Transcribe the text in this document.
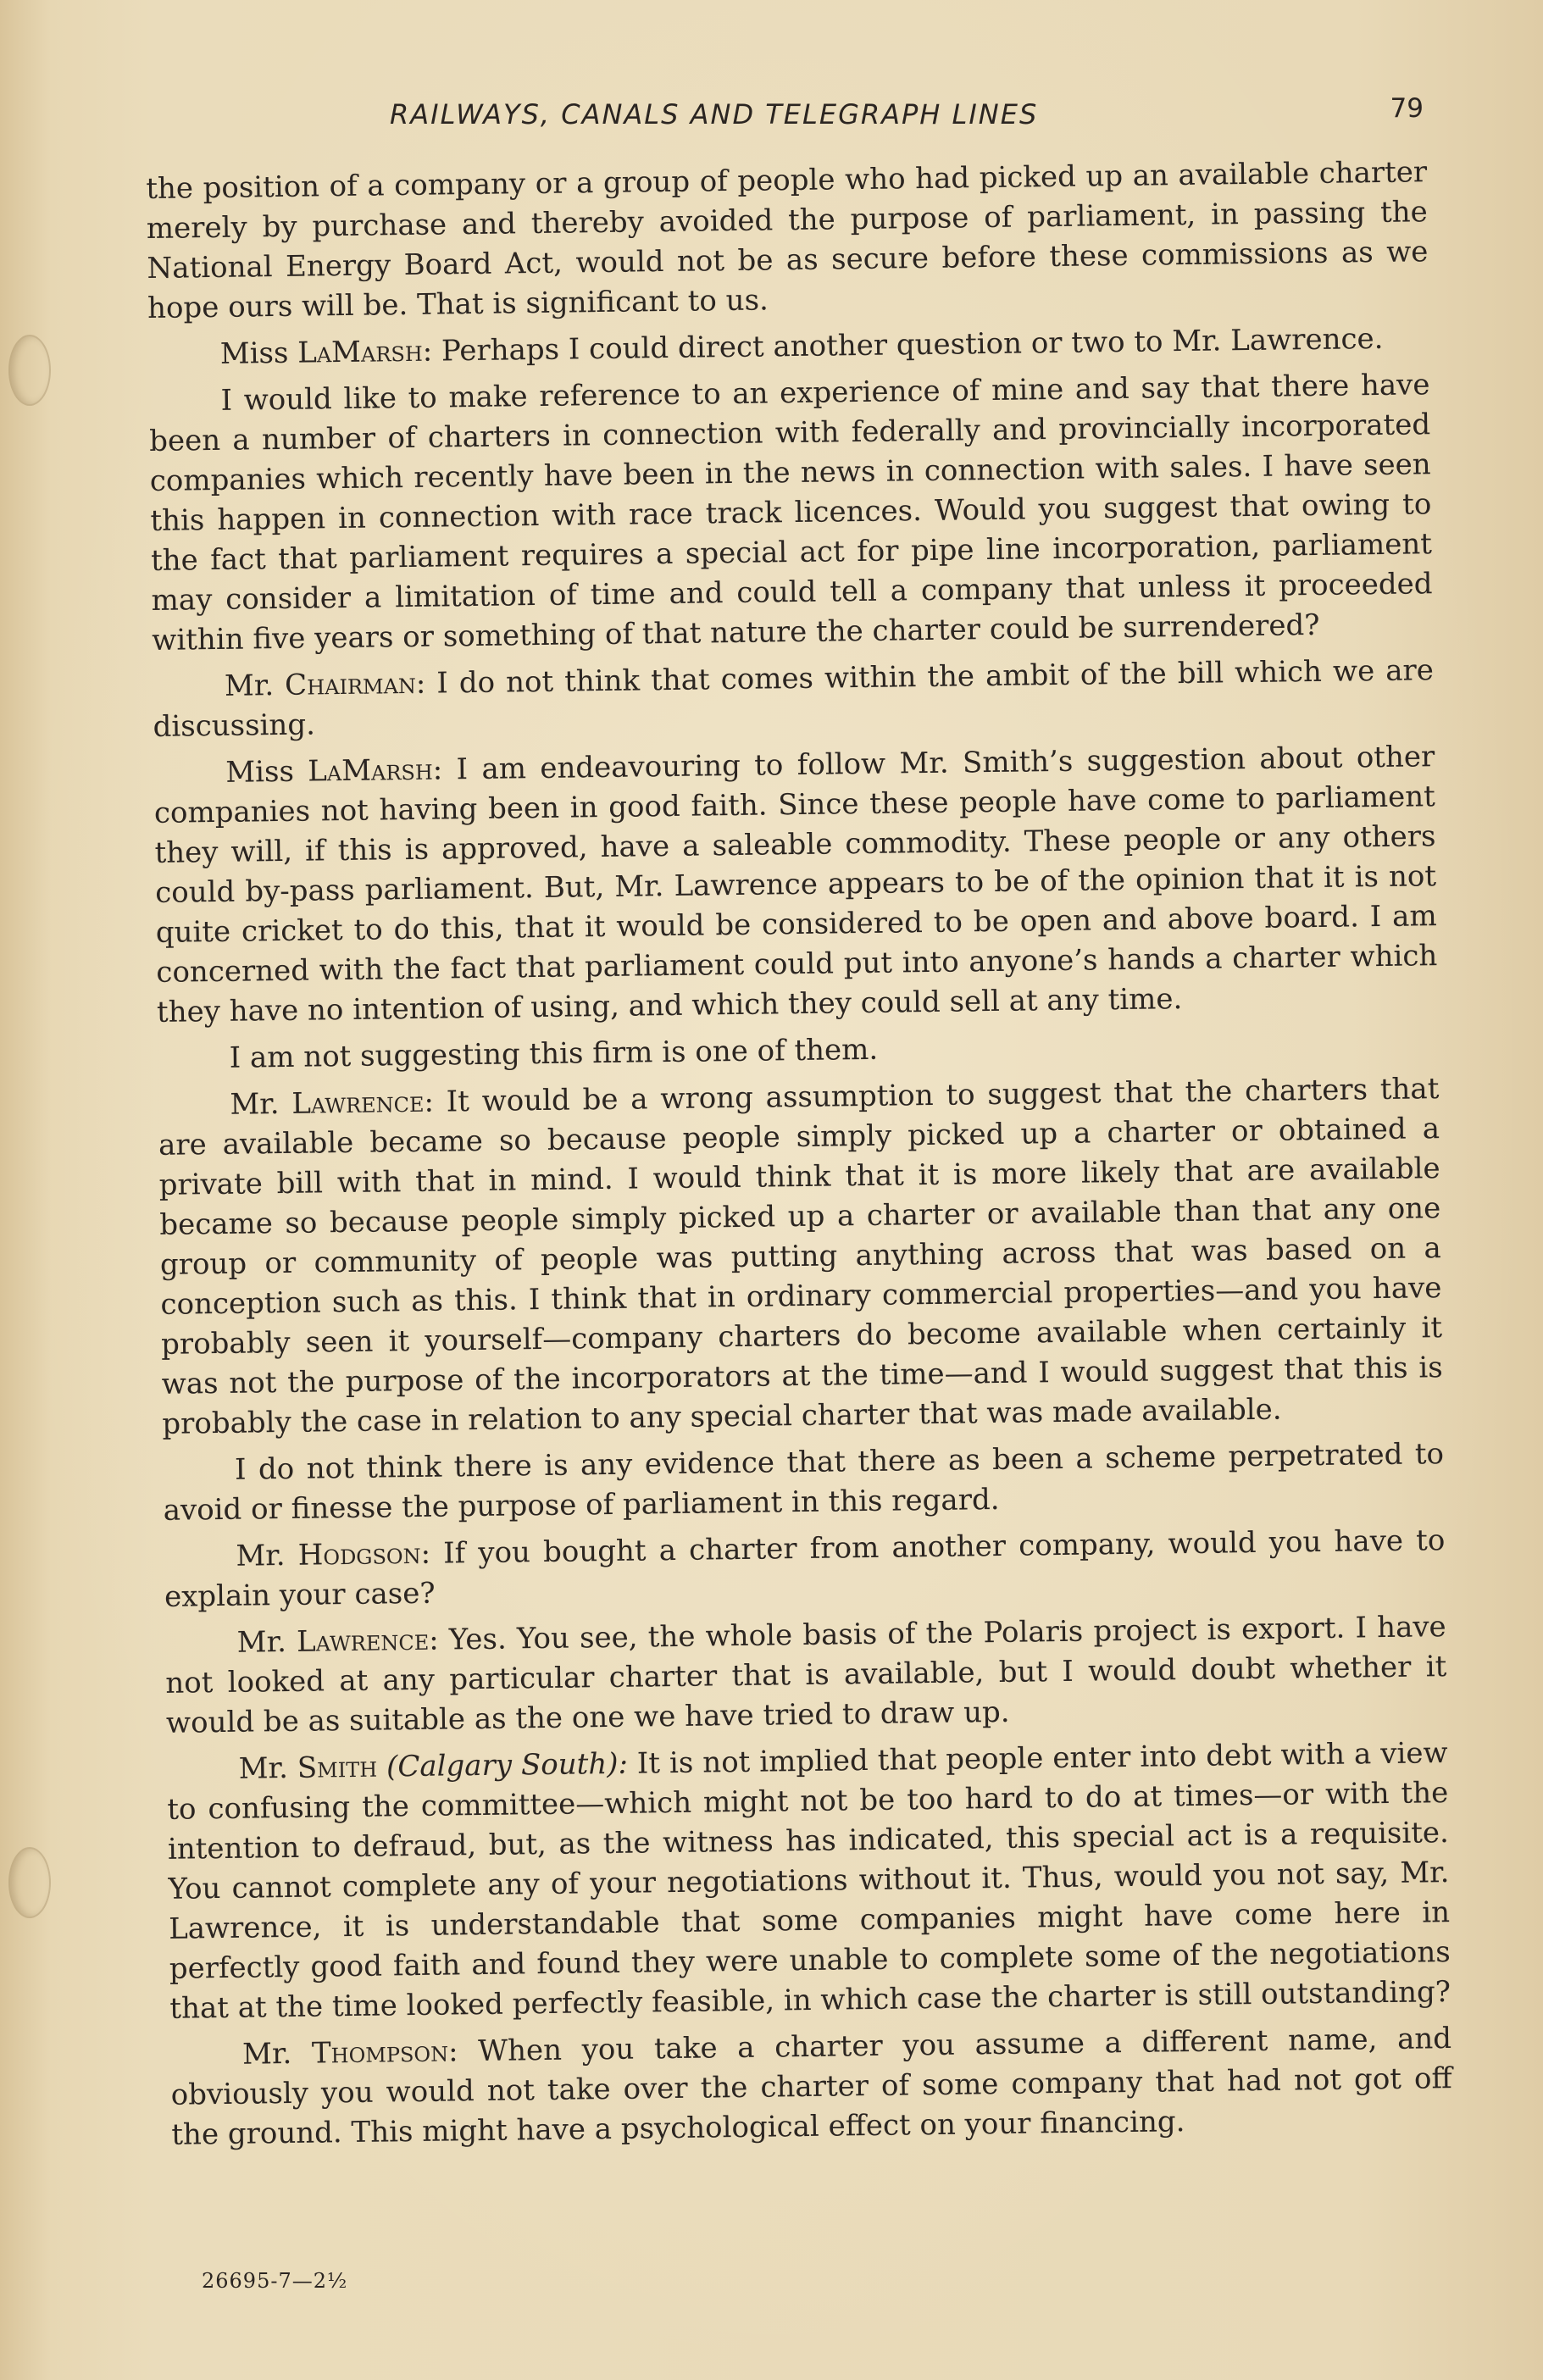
RAILWAYS, CANALS AND TELEGRAPH LINES	79

the position of a company or a group of people who had picked up an available charter merely by purchase and thereby avoided the purpose of parliament, in passing the National Energy Board Act, would not be as secure before these commissions as we hope ours will be. That is significant to us.

Miss LaMarsh: Perhaps I could direct another question or two to Mr. Lawrence.

I would like to make reference to an experience of mine and say that there have been a number of charters in connection with federally and provincially incorporated companies which recently have been in the news in connection with sales. I have seen this happen in connection with race track licences. Would you suggest that owing to the fact that parliament requires a special act for pipe line incorporation, parliament may consider a limitation of time and could tell a company that unless it proceeded within five years or something of that nature the charter could be surrendered?

Mr. Chairman: I do not think that comes within the ambit of the bill which we are discussing.

Miss LaMarsh: I am endeavouring to follow Mr. Smith’s suggestion about other companies not having been in good faith. Since these people have come to parliament they will, if this is approved, have a saleable commodity. These people or any others could by-pass parliament. But, Mr. Lawrence appears to be of the opinion that it is not quite cricket to do this, that it would be considered to be open and above board. I am concerned with the fact that parliament could put into anyone’s hands a charter which they have no intention of using, and which they could sell at any time.

I am not suggesting this firm is one of them.

Mr. Lawrence: It would be a wrong assumption to suggest that the charters that are available became so because people simply picked up a charter or obtained a private bill with that in mind. I would think that it is more likely that are available became so because people simply picked up a charter or available than that any one group or community of people was putting anything across that was based on a conception such as this. I think that in ordinary commercial properties—and you have probably seen it yourself—company charters do become available when certainly it was not the purpose of the incorporators at the time—and I would suggest that this is probably the case in relation to any special charter that was made available.

I do not think there is any evidence that there as been a scheme perpetrated to avoid or finesse the purpose of parliament in this regard.

Mr. Hodgson: If you bought a charter from another company, would you have to explain your case?

Mr. Lawrence: Yes. You see, the whole basis of the Polaris project is export. I have not looked at any particular charter that is available, but I would doubt whether it would be as suitable as the one we have tried to draw up.

Mr. Smith (Calgary South): It is not implied that people enter into debt with a view to confusing the committee—which might not be too hard to do at times—or with the intention to defraud, but, as the witness has indicated, this special act is a requisite. You cannot complete any of your negotiations without it. Thus, would you not say, Mr. Lawrence, it is understandable that some companies might have come here in perfectly good faith and found they were unable to complete some of the negotiations that at the time looked perfectly feasible, in which case the charter is still outstanding?

Mr. Thompson: When you take a charter you assume a different name, and obviously you would not take over the charter of some company that had not got off the ground. This might have a psychological effect on your financing.

26695-7—2½
